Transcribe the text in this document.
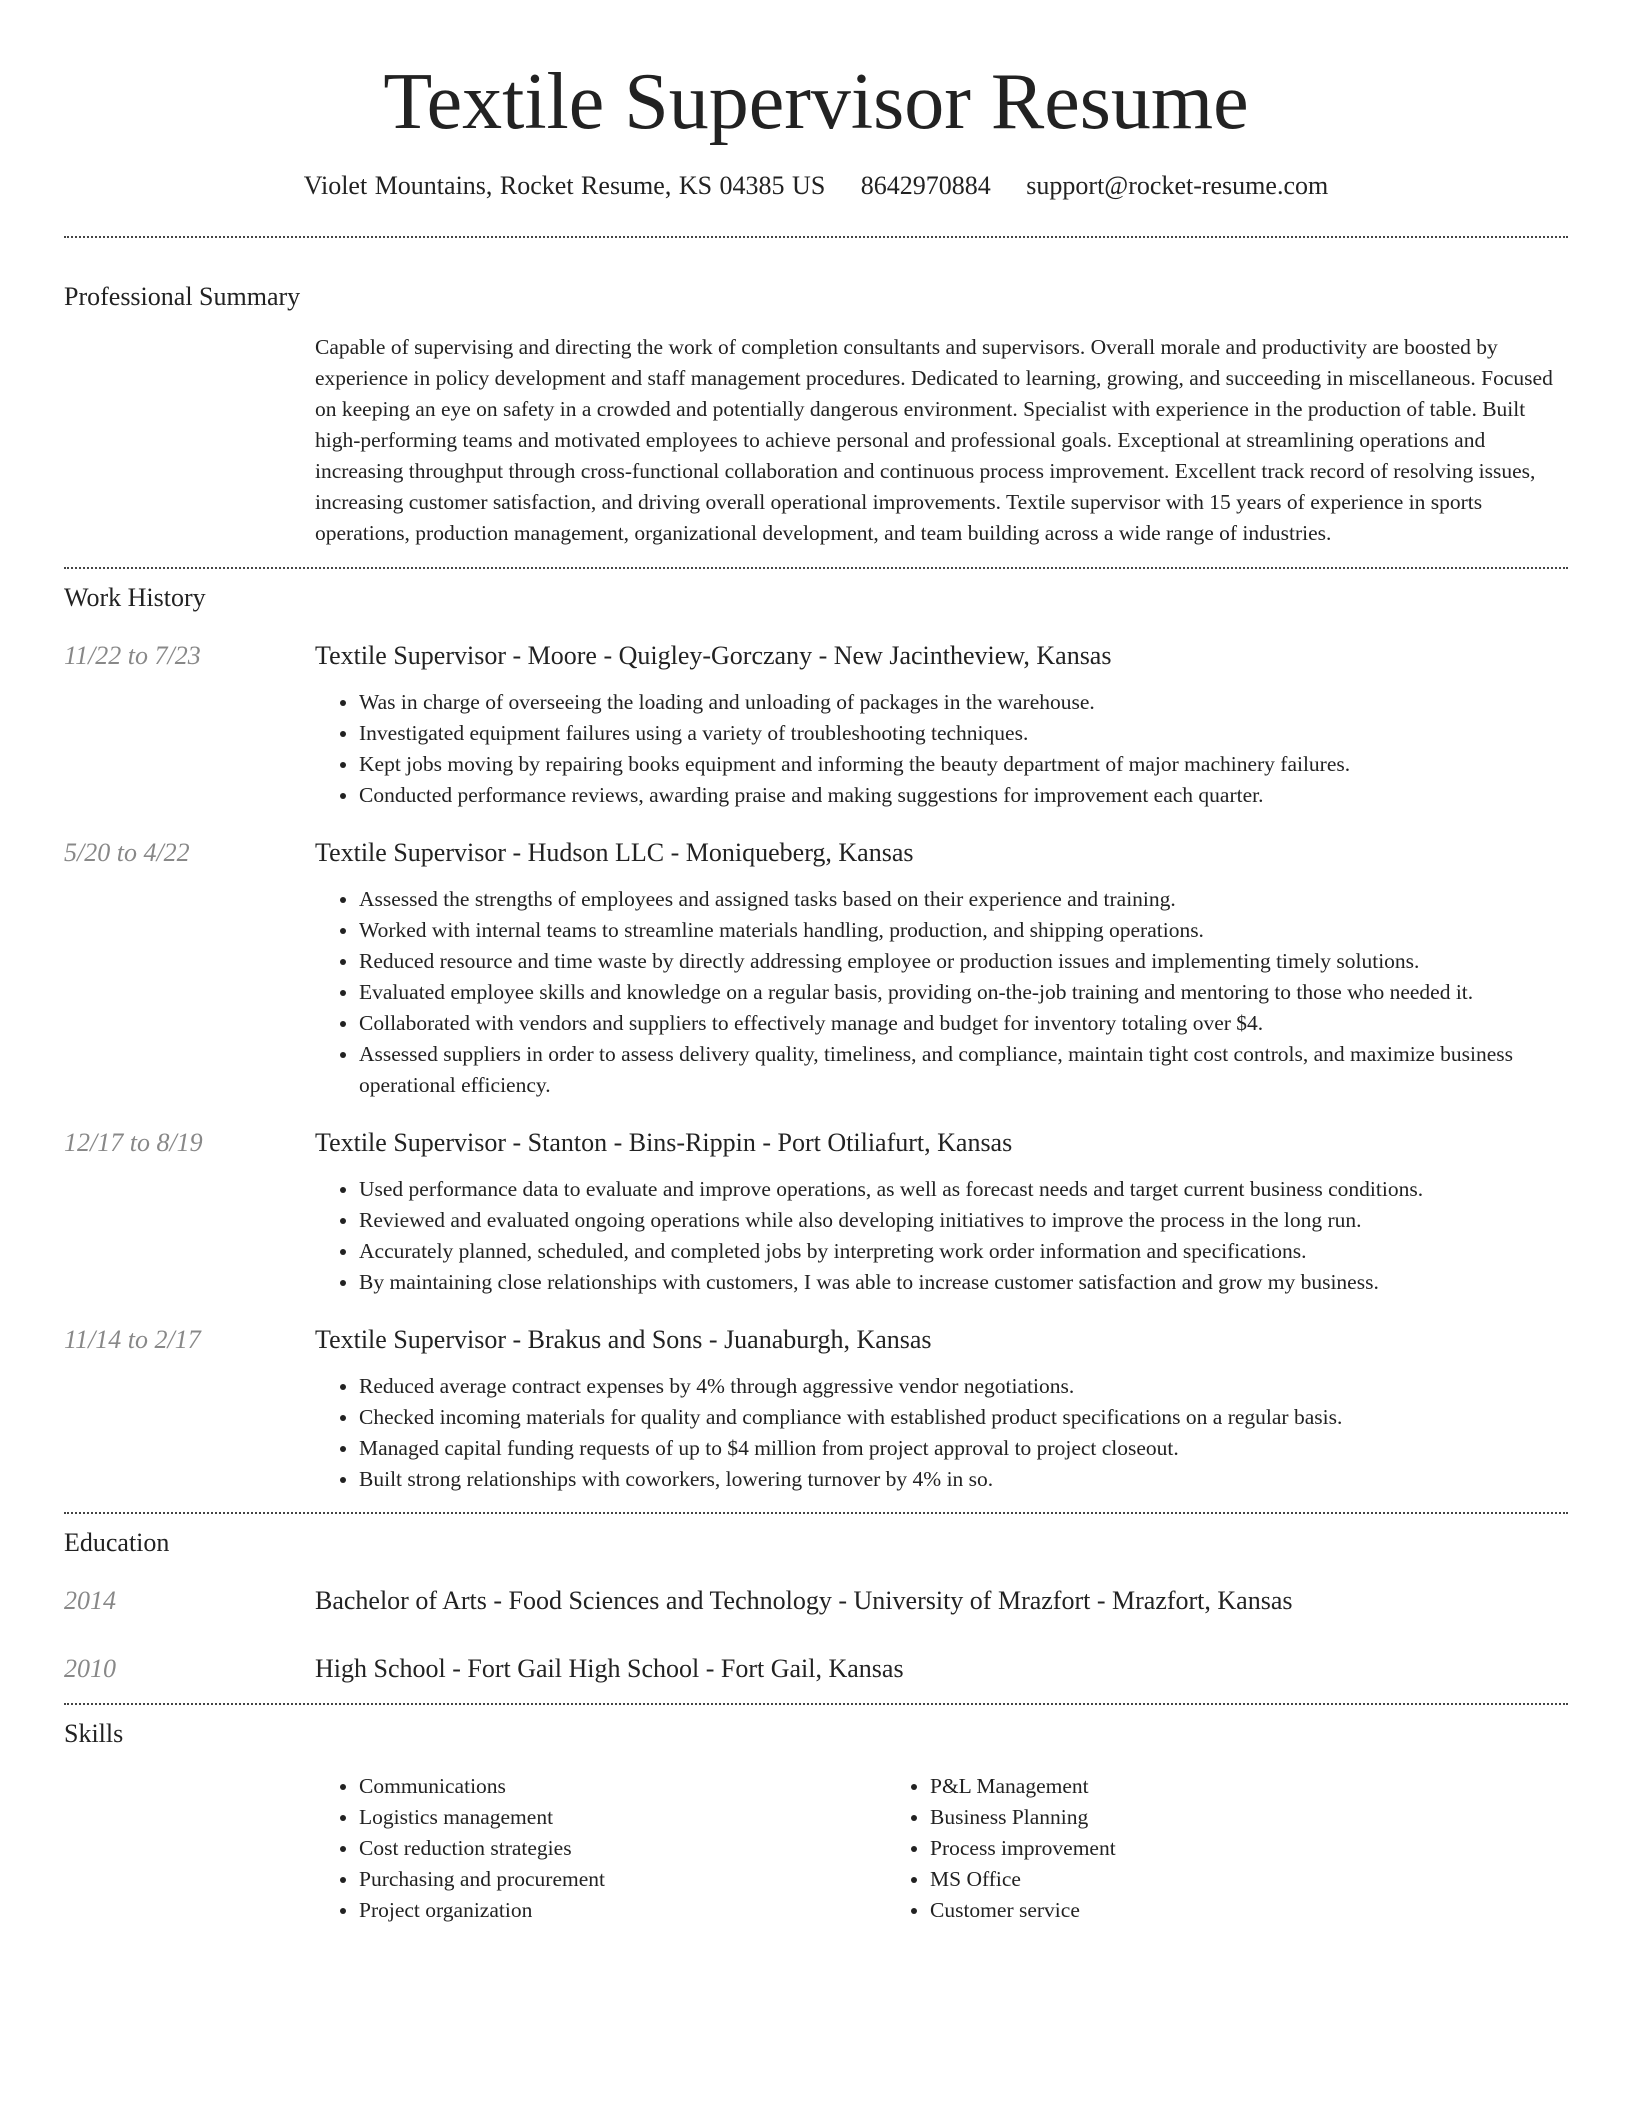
Textile Supervisor Resume
Violet Mountains, Rocket Resume, KS 04385 US 8642970884 support@rocket-resume.com
Professional Summary

Capable of supervising and directing the work of completion consultants and supervisors. Overall morale and productivity are boosted by experience in policy development and staff management procedures. Dedicated to learning, growing, and succeeding in miscellaneous. Focused on keeping an eye on safety in a crowded and potentially dangerous environment. Specialist with experience in the production of table. Built high-performing teams and motivated employees to achieve personal and professional goals. Exceptional at streamlining operations and increasing throughput through cross-functional collaboration and continuous process improvement. Excellent track record of resolving issues, increasing customer satisfaction, and driving overall operational improvements. Textile supervisor with 15 years of experience in sports operations, production management, organizational development, and team building across a wide range of industries.

Work History
11/22 to 7/23	Textile Supervisor - Moore - Quigley-Gorczany - New Jacintheview, Kansas
• Was in charge of overseeing the loading and unloading of packages in the warehouse.
• Investigated equipment failures using a variety of troubleshooting techniques.
• Kept jobs moving by repairing books equipment and informing the beauty department of major machinery failures.
• Conducted performance reviews, awarding praise and making suggestions for improvement each quarter.
5/20 to 4/22	Textile Supervisor - Hudson LLC - Moniqueberg, Kansas
• Assessed the strengths of employees and assigned tasks based on their experience and training.
• Worked with internal teams to streamline materials handling, production, and shipping operations.
• Reduced resource and time waste by directly addressing employee or production issues and implementing timely solutions.
• Evaluated employee skills and knowledge on a regular basis, providing on-the-job training and mentoring to those who needed it.
• Collaborated with vendors and suppliers to effectively manage and budget for inventory totaling over $4.
• Assessed suppliers in order to assess delivery quality, timeliness, and compliance, maintain tight cost controls, and maximize business operational efficiency.
12/17 to 8/19	Textile Supervisor - Stanton - Bins-Rippin - Port Otiliafurt, Kansas
• Used performance data to evaluate and improve operations, as well as forecast needs and target current business conditions.
• Reviewed and evaluated ongoing operations while also developing initiatives to improve the process in the long run.
• Accurately planned, scheduled, and completed jobs by interpreting work order information and specifications.
• By maintaining close relationships with customers, I was able to increase customer satisfaction and grow my business.
11/14 to 2/17	Textile Supervisor - Brakus and Sons - Juanaburgh, Kansas
• Reduced average contract expenses by 4% through aggressive vendor negotiations.
• Checked incoming materials for quality and compliance with established product specifications on a regular basis.
• Managed capital funding requests of up to $4 million from project approval to project closeout.
• Built strong relationships with coworkers, lowering turnover by 4% in so.
Education
2014	Bachelor of Arts - Food Sciences and Technology - University of Mrazfort - Mrazfort, Kansas
2010	High School - Fort Gail High School - Fort Gail, Kansas
Skills
• Communications
• Logistics management
• Cost reduction strategies
• Purchasing and procurement
• Project organization
• P&L Management
• Business Planning
• Process improvement
• MS Office
• Customer service
